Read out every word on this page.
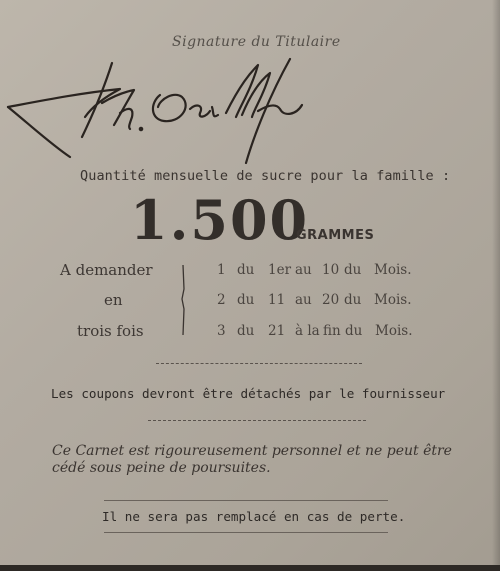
Signature du Titulaire
Quantité mensuelle de sucre pour la famille :
1.500
GRAMMES
A demander
en
trois fois
1 du 1er au 10 du Mois.
2 du 11 au 20 du Mois.
3 du 21 à la fin du Mois.
Les coupons devront être détachés par le fournisseur
Ce Carnet est rigoureusement personnel et ne peut être cédé sous peine de poursuites.
Il ne sera pas remplacé en cas de perte.
